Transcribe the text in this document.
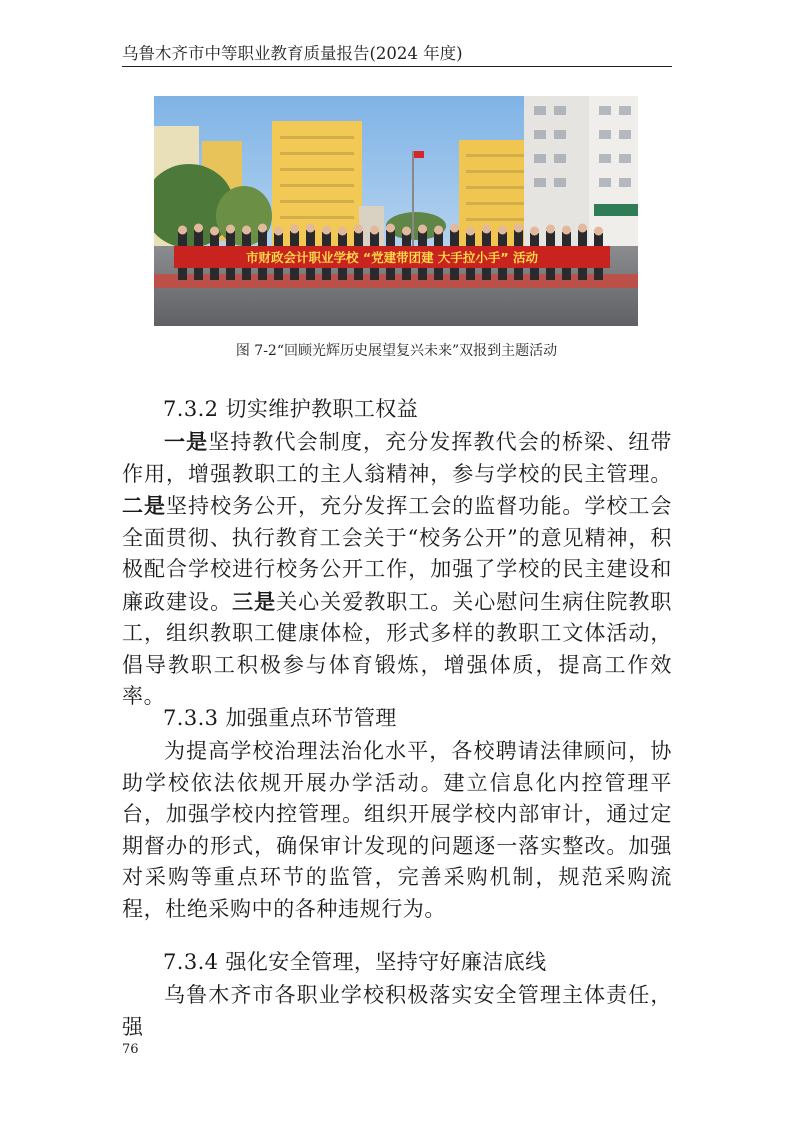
乌鲁木齐市中等职业教育质量报告(2024 年度)
市财政会计职业学校 “党建带团建 大手拉小手” 活动
图 7-2“回顾光辉历史展望复兴未来”双报到主题活动
7.3.2 切实维护教职工权益
一是坚持教代会制度，充分发挥教代会的桥梁、纽带作用，增强教职工的主人翁精神，参与学校的民主管理。二是坚持校务公开，充分发挥工会的监督功能。学校工会全面贯彻、执行教育工会关于“校务公开”的意见精神，积极配合学校进行校务公开工作，加强了学校的民主建设和廉政建设。三是关心关爱教职工。关心慰问生病住院教职工，组织教职工健康体检，形式多样的教职工文体活动，倡导教职工积极参与体育锻炼，增强体质，提高工作效率。
7.3.3 加强重点环节管理
为提高学校治理法治化水平，各校聘请法律顾问，协助学校依法依规开展办学活动。建立信息化内控管理平台，加强学校内控管理。组织开展学校内部审计，通过定期督办的形式，确保审计发现的问题逐一落实整改。加强对采购等重点环节的监管，完善采购机制，规范采购流程，杜绝采购中的各种违规行为。
7.3.4 强化安全管理，坚持守好廉洁底线
乌鲁木齐市各职业学校积极落实安全管理主体责任，强
76
